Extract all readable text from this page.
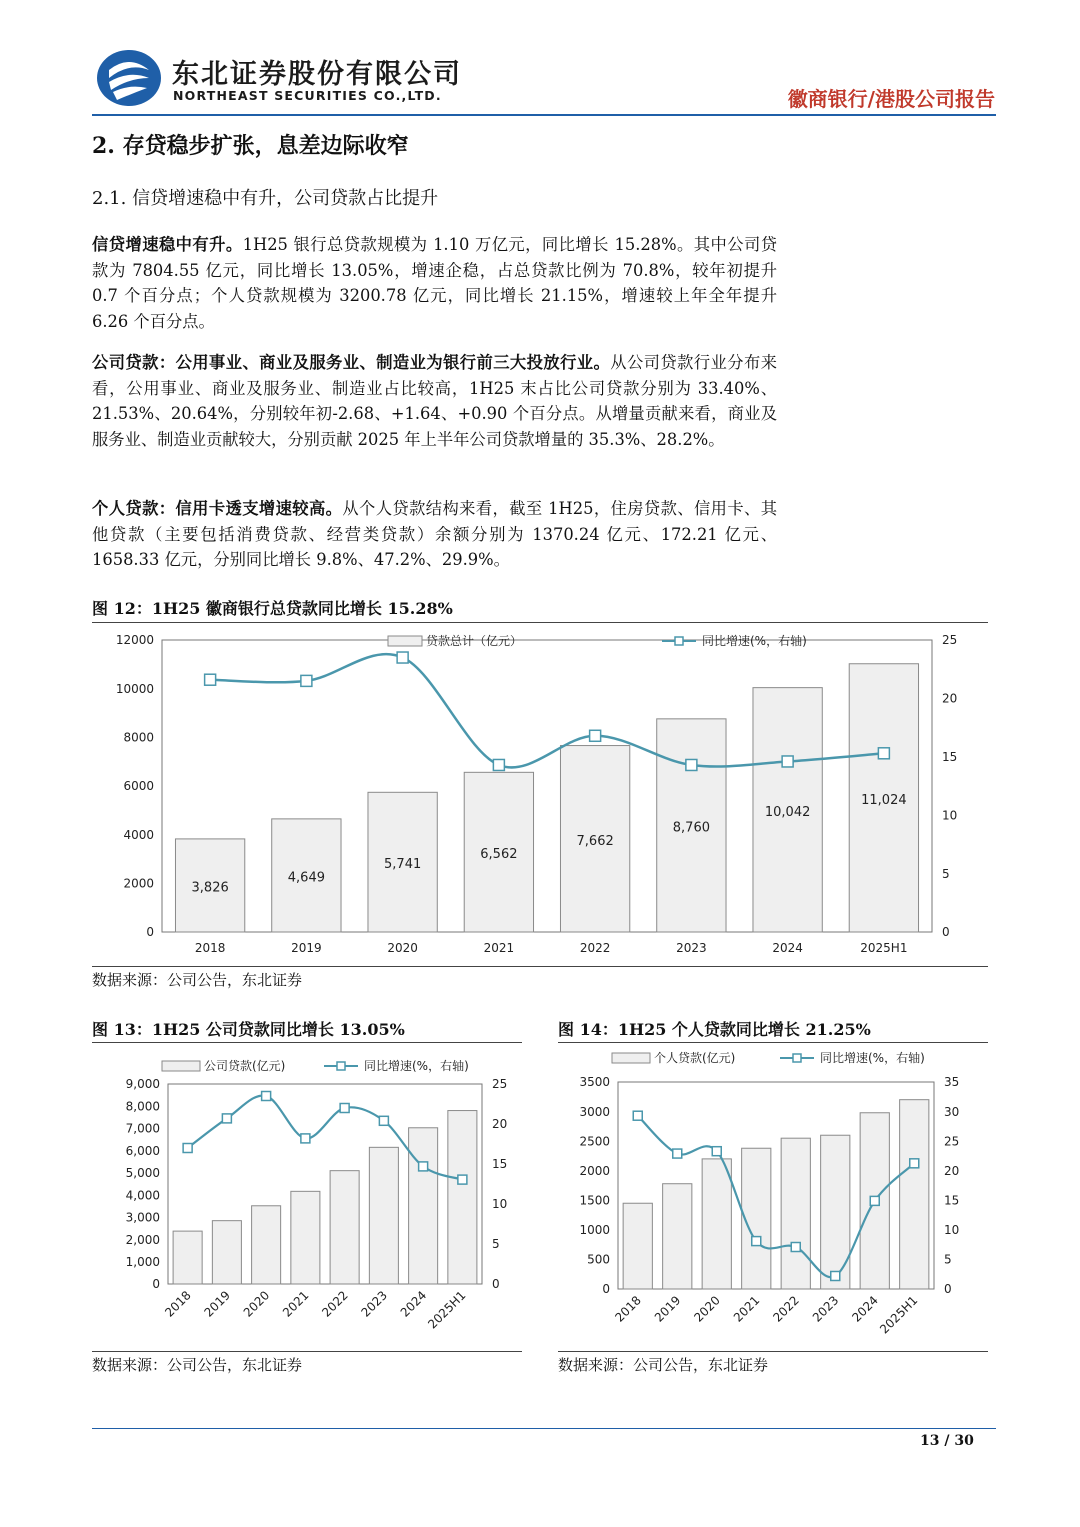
东北证券股份有限公司
NORTHEAST SECURITIES CO.,LTD.	徽商银行/港股公司报告
2. 存贷稳步扩张，息差边际收窄
2.1. 信贷增速稳中有升，公司贷款占比提升
信贷增速稳中有升。1H25 银行总贷款规模为 1.10 万亿元，同比增长 15.28%。其中公司贷款为 7804.55 亿元，同比增长 13.05%，增速企稳，占总贷款比例为 70.8%，较年初提升 0.7 个百分点；个人贷款规模为 3200.78 亿元，同比增长 21.15%，增速较上年全年提升 6.26 个百分点。
公司贷款：公用事业、商业及服务业、制造业为银行前三大投放行业。从公司贷款行业分布来看，公用事业、商业及服务业、制造业占比较高，1H25 末占比公司贷款分别为 33.40%、21.53%、20.64%，分别较年初-2.68、+1.64、+0.90 个百分点。从增量贡献来看，商业及服务业、制造业贡献较大，分别贡献 2025 年上半年公司贷款增量的 35.3%、28.2%。
个人贷款：信用卡透支增速较高。从个人贷款结构来看，截至 1H25，住房贷款、信用卡、其他贷款（主要包括消费贷款、经营类贷款）余额分别为 1370.24 亿元、172.21 亿元、1658.33 亿元，分别同比增长 9.8%、47.2%、29.9%。
图 12：1H25 徽商银行总贷款同比增长 15.28%
12000
10000
8000
6000
4000
2000
0
25
20
15
10
5
0
3,826
4,649
5,741
6,562
7,662
8,760
10,042
11,024
2018	2019	2020	2021	2022	2023	2024	2025H1
贷款总计（亿元）	同比增速(%，右轴)
数据来源：公司公告，东北证券
图 13：1H25 公司贷款同比增长 13.05%
9,000
8,000
7,000
6,000
5,000
4,000
3,000
2,000
1,000
0
25
20
15
10
5
0
2018 2019 2020 2021 2022 2023 2024
2025H1
公司贷款(亿元)	同比增速(%，右轴)
数据来源：公司公告，东北证券
图 14：1H25 个人贷款同比增长 21.25%
3500
3000
2500
2000
1500
1000
500
0
35
30
25
20
15
10
5
0
2018 2019 2020 2021 2022 2023 2024
2025H1
个人贷款(亿元)	同比增速(%，右轴)
数据来源：公司公告，东北证券
13 / 30
